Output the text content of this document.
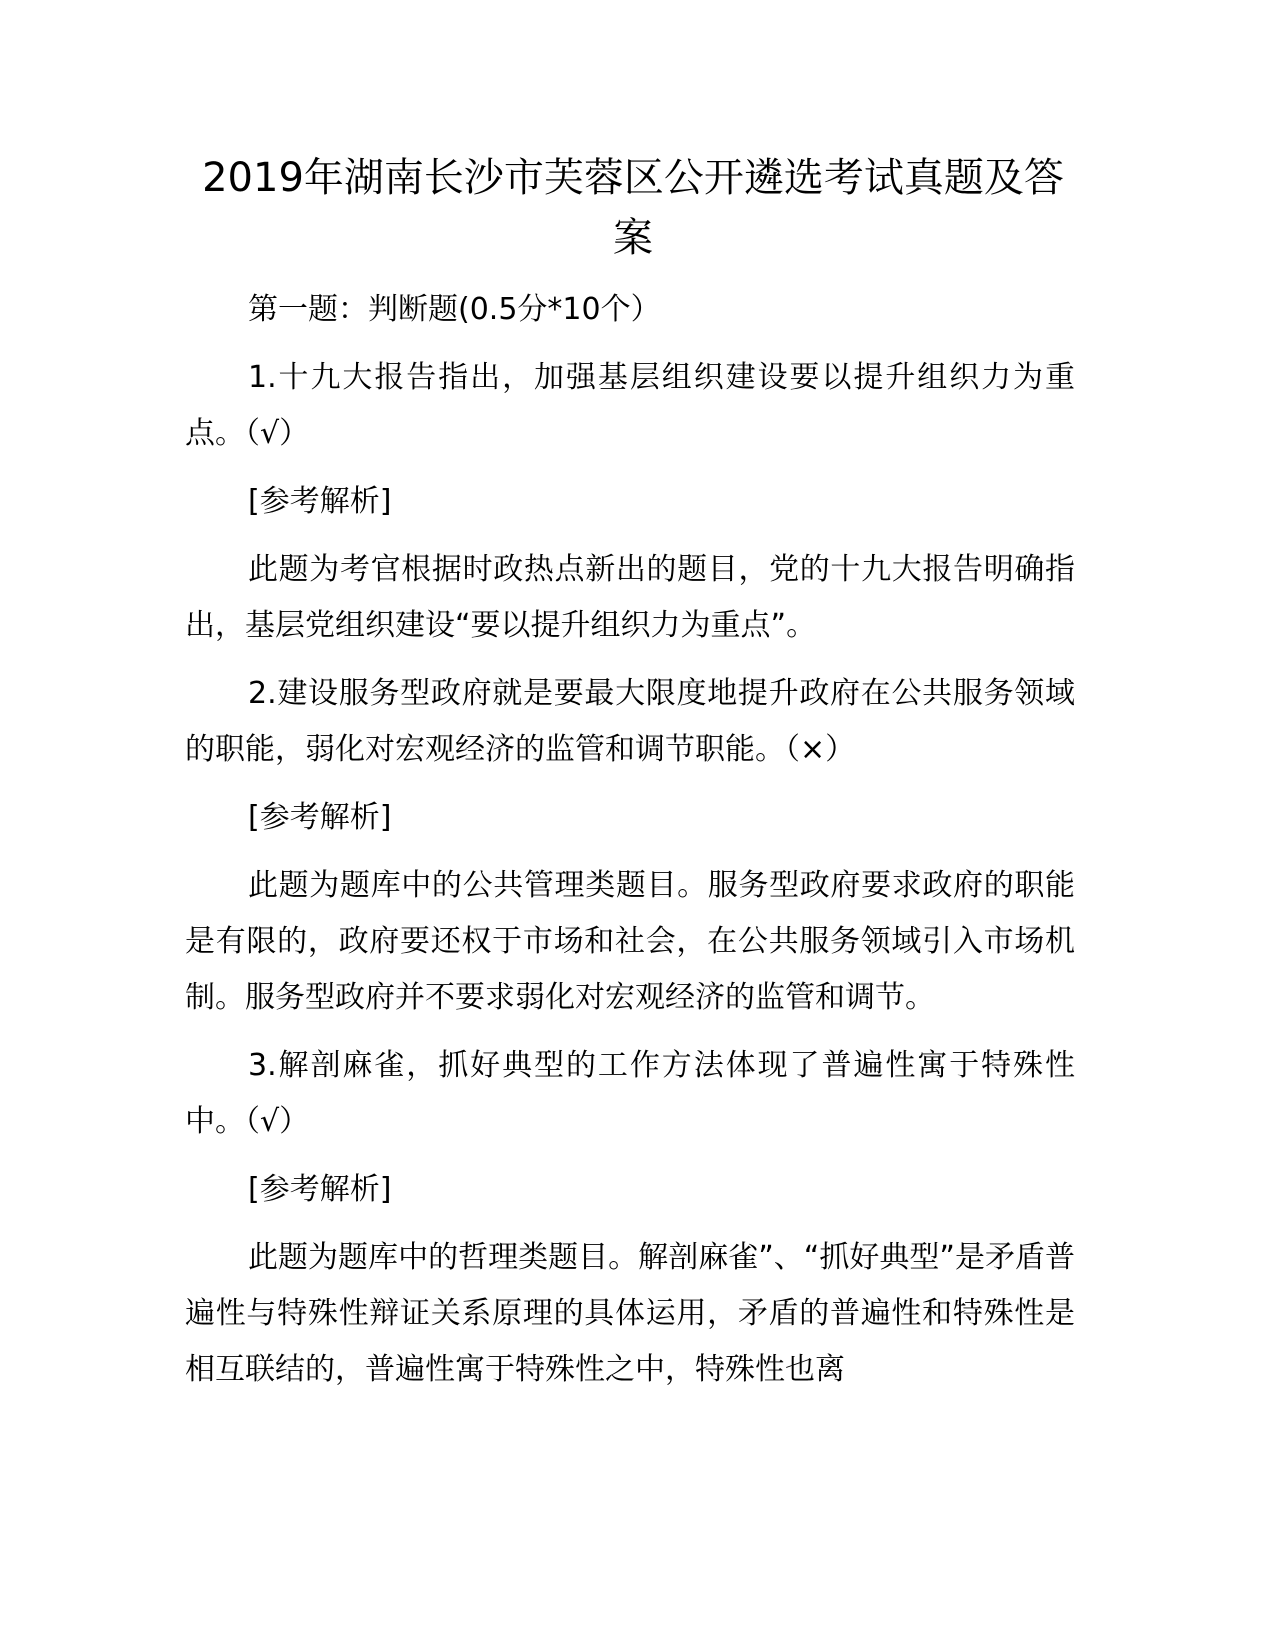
2019年湖南长沙市芙蓉区公开遴选考试真题及答案

第一题：判断题(0.5分*10个）

1.十九大报告指出，加强基层组织建设要以提升组织力为重点。（√）

[参考解析]

此题为考官根据时政热点新出的题目，党的十九大报告明确指出，基层党组织建设“要以提升组织力为重点”。

2.建设服务型政府就是要最大限度地提升政府在公共服务领域的职能，弱化对宏观经济的监管和调节职能。（×）

[参考解析]

此题为题库中的公共管理类题目。服务型政府要求政府的职能是有限的，政府要还权于市场和社会，在公共服务领域引入市场机制。服务型政府并不要求弱化对宏观经济的监管和调节。

3.解剖麻雀，抓好典型的工作方法体现了普遍性寓于特殊性中。（√）

[参考解析]

此题为题库中的哲理类题目。解剖麻雀”、“抓好典型”是矛盾普遍性与特殊性辩证关系原理的具体运用，矛盾的普遍性和特殊性是相互联结的，普遍性寓于特殊性之中，特殊性也离
